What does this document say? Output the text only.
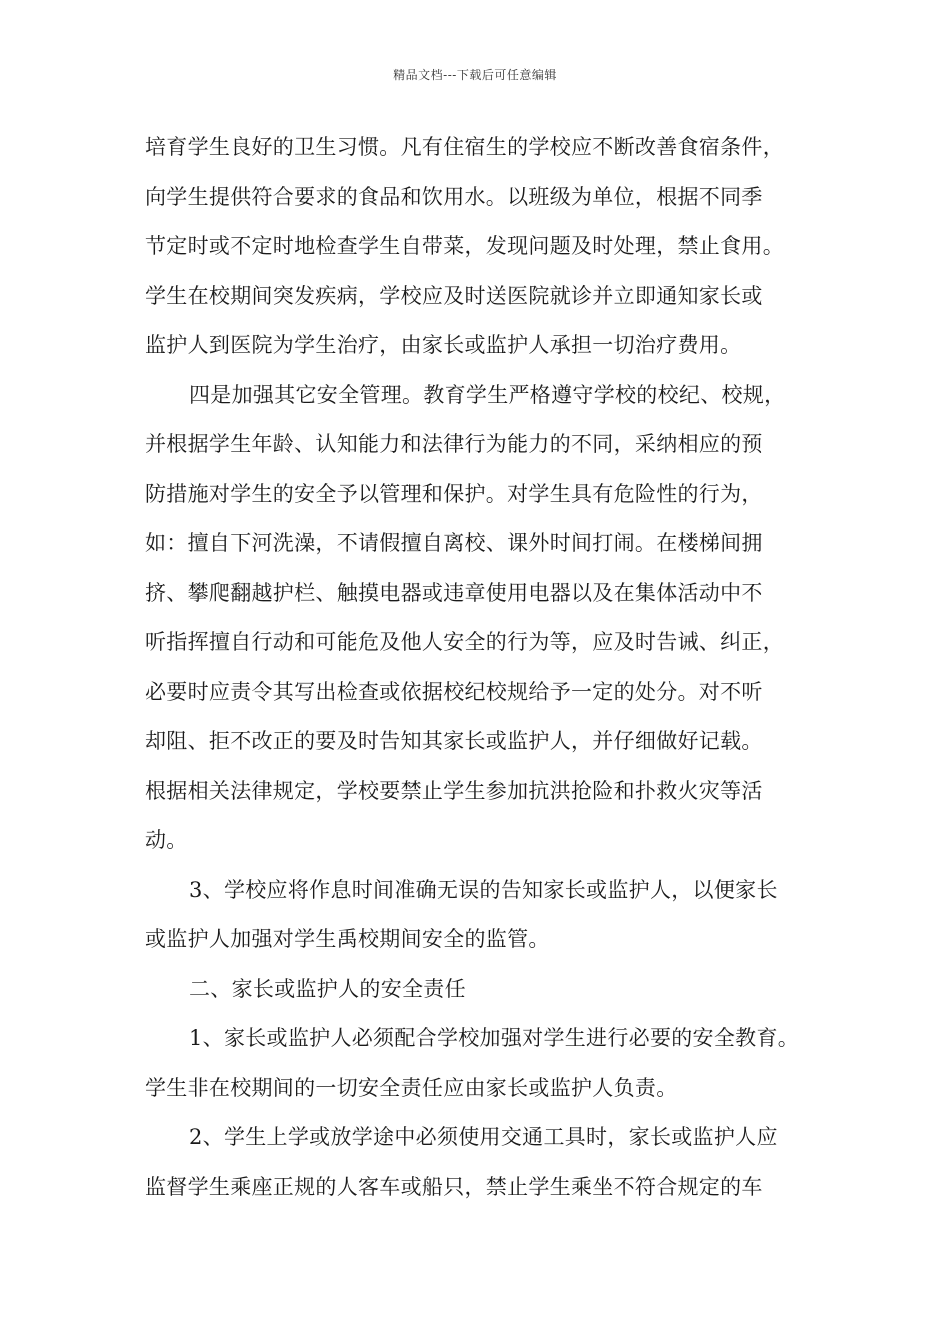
精品文档---下载后可任意编辑
培育学生良好的卫生习惯。凡有住宿生的学校应不断改善食宿条件，
向学生提供符合要求的食品和饮用水。以班级为单位，根据不同季
节定时或不定时地检查学生自带菜，发现问题及时处理，禁止食用。
学生在校期间突发疾病，学校应及时送医院就诊并立即通知家长或
监护人到医院为学生治疗，由家长或监护人承担一切治疗费用。
四是加强其它安全管理。教育学生严格遵守学校的校纪、校规，
并根据学生年龄、认知能力和法律行为能力的不同，采纳相应的预
防措施对学生的安全予以管理和保护。对学生具有危险性的行为，
如：擅自下河洗澡，不请假擅自离校、课外时间打闹。在楼梯间拥
挤、攀爬翻越护栏、触摸电器或违章使用电器以及在集体活动中不
听指挥擅自行动和可能危及他人安全的行为等，应及时告诫、纠正，
必要时应责令其写出检查或依据校纪校规给予一定的处分。对不听
却阻、拒不改正的要及时告知其家长或监护人，并仔细做好记载。
根据相关法律规定，学校要禁止学生参加抗洪抢险和扑救火灾等活
动。
3、学校应将作息时间准确无误的告知家长或监护人，以便家长
或监护人加强对学生禹校期间安全的监管。
二、家长或监护人的安全责任
1、家长或监护人必须配合学校加强对学生进行必要的安全教育。
学生非在校期间的一切安全责任应由家长或监护人负责。
2、学生上学或放学途中必须使用交通工具时，家长或监护人应
监督学生乘座正规的人客车或船只，禁止学生乘坐不符合规定的车
